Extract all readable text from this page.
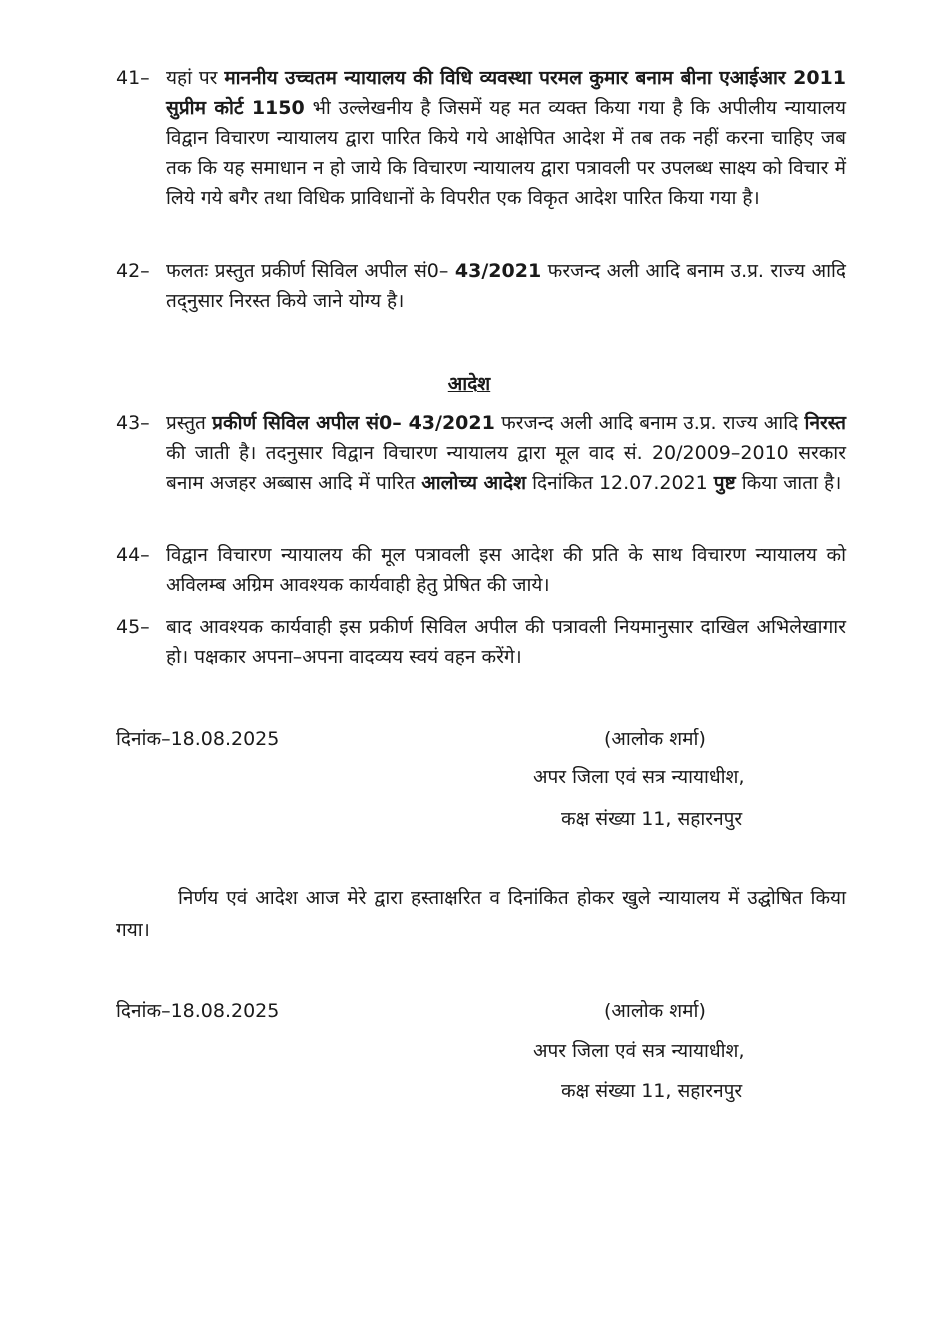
41– यहां पर माननीय उच्चतम न्यायालय की विधि व्यवस्था परमल कुमार बनाम बीना एआईआर 2011 सुप्रीम कोर्ट 1150 भी उल्लेखनीय है जिसमें यह मत व्यक्त किया गया है कि अपीलीय न्यायालय विद्वान विचारण न्यायालय द्वारा पारित किये गये आक्षेपित आदेश में तब तक नहीं करना चाहिए जब तक कि यह समाधान न हो जाये कि विचारण न्यायालय द्वारा पत्रावली पर उपलब्ध साक्ष्य को विचार में लिये गये बगैर तथा विधिक प्राविधानों के विपरीत एक विकृत आदेश पारित किया गया है।
42– फलतः प्रस्तुत प्रकीर्ण सिविल अपील सं0– 43/2021 फरजन्द अली आदि बनाम उ.प्र. राज्य आदि तद्नुसार निरस्त किये जाने योग्य है।
आदेश
43– प्रस्तुत प्रकीर्ण सिविल अपील सं0– 43/2021 फरजन्द अली आदि बनाम उ.प्र. राज्य आदि निरस्त की जाती है। तदनुसार विद्वान विचारण न्यायालय द्वारा मूल वाद सं. 20/2009–2010 सरकार बनाम अजहर अब्बास आदि में पारित आलोच्य आदेश दिनांकित 12.07.2021 पुष्ट किया जाता है।
44– विद्वान विचारण न्यायालय की मूल पत्रावली इस आदेश की प्रति के साथ विचारण न्यायालय को अविलम्ब अग्रिम आवश्यक कार्यवाही हेतु प्रेषित की जाये।
45– बाद आवश्यक कार्यवाही इस प्रकीर्ण सिविल अपील की पत्रावली नियमानुसार दाखिल अभिलेखागार हो। पक्षकार अपना–अपना वादव्यय स्वयं वहन करेंगे।
दिनांक–18.08.2025	(आलोक शर्मा)
अपर जिला एवं सत्र न्यायाधीश,
कक्ष संख्या 11, सहारनपुर
निर्णय एवं आदेश आज मेरे द्वारा हस्ताक्षरित व दिनांकित होकर खुले न्यायालय में उद्घोषित किया गया।
दिनांक–18.08.2025	(आलोक शर्मा)
अपर जिला एवं सत्र न्यायाधीश,
कक्ष संख्या 11, सहारनपुर
